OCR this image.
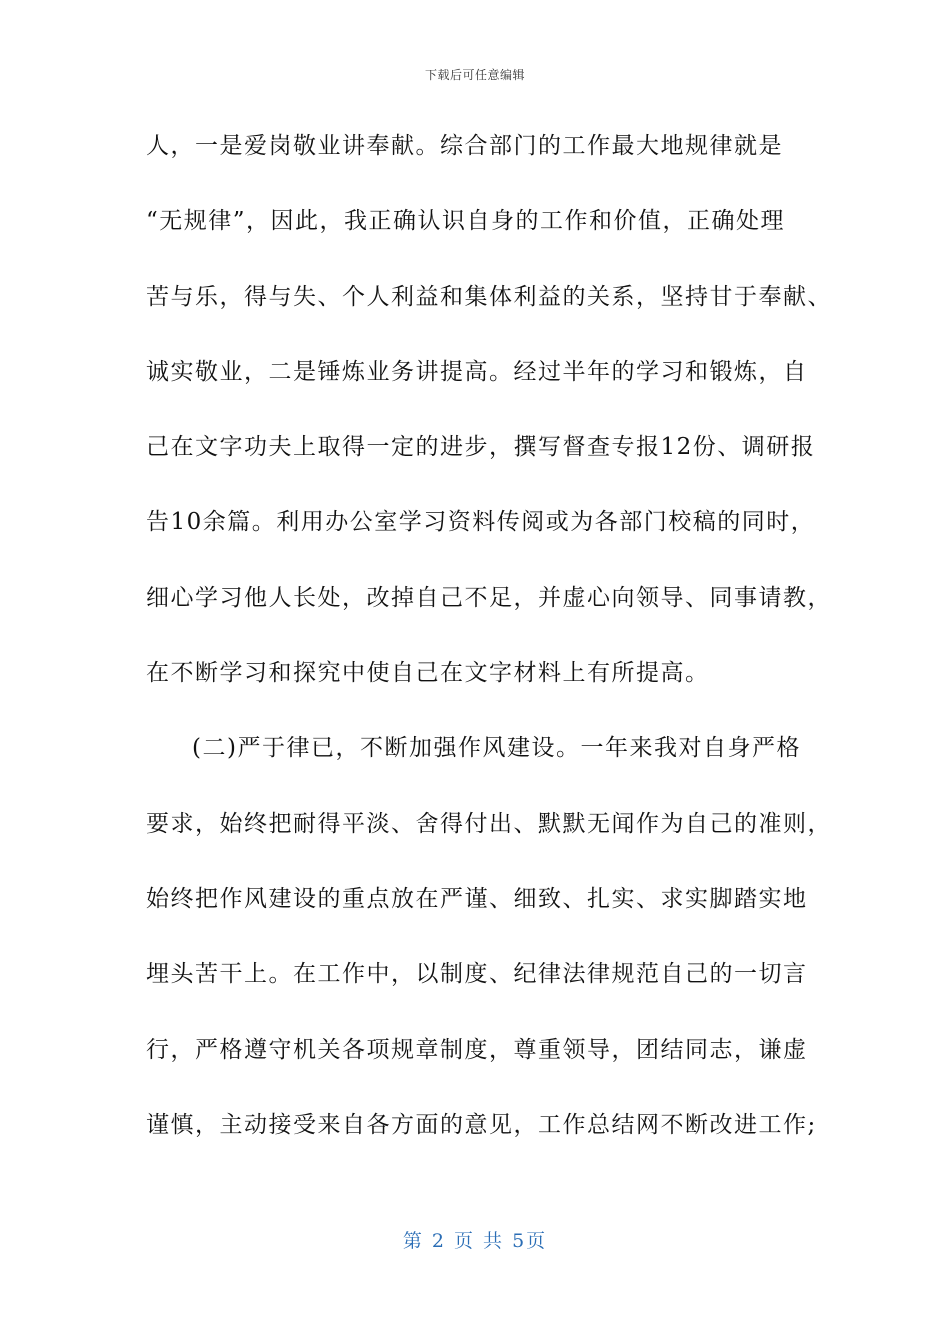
下载后可任意编辑
人，一是爱岗敬业讲奉献。综合部门的工作最大地规律就是
“无规律”，因此，我正确认识自身的工作和价值，正确处理
苦与乐，得与失、个人利益和集体利益的关系，坚持甘于奉献、
诚实敬业，二是锤炼业务讲提高。经过半年的学习和锻炼，自
己在文字功夫上取得一定的进步，撰写督查专报12份、调研报
告10余篇。利用办公室学习资料传阅或为各部门校稿的同时，
细心学习他人长处，改掉自己不足，并虚心向领导、同事请教，
在不断学习和探究中使自己在文字材料上有所提高。
(二)严于律已，不断加强作风建设。一年来我对自身严格
要求，始终把耐得平淡、舍得付出、默默无闻作为自己的准则，
始终把作风建设的重点放在严谨、细致、扎实、求实脚踏实地
埋头苦干上。在工作中，以制度、纪律法律规范自己的一切言
行，严格遵守机关各项规章制度，尊重领导，团结同志，谦虚
谨慎，主动接受来自各方面的意见，工作总结网不断改进工作;
第 2 页 共 5页
